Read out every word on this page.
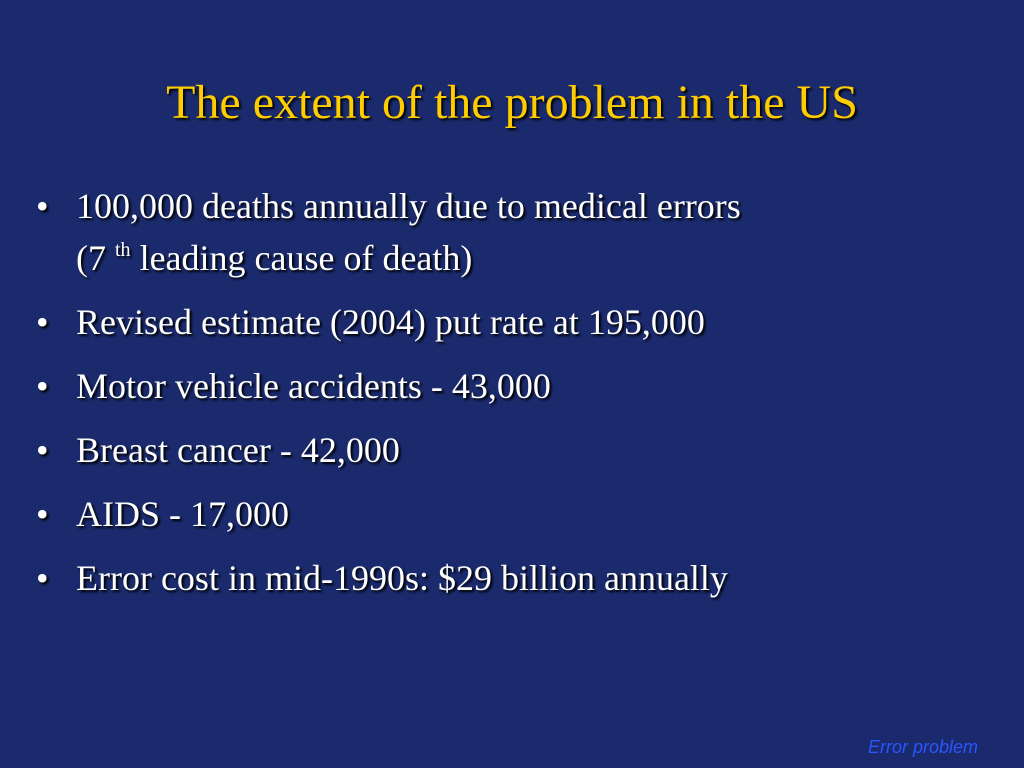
The extent of the problem in the US
• 100,000 deaths annually due to medical errors
(7 $^{th}$ leading cause of death)
• Revised estimate (2004) put rate at 195,000
• Motor vehicle accidents - 43,000
• Breast cancer - 42,000
• AIDS - 17,000
• Error cost in mid-1990s: $29 billion annually
Error problem
